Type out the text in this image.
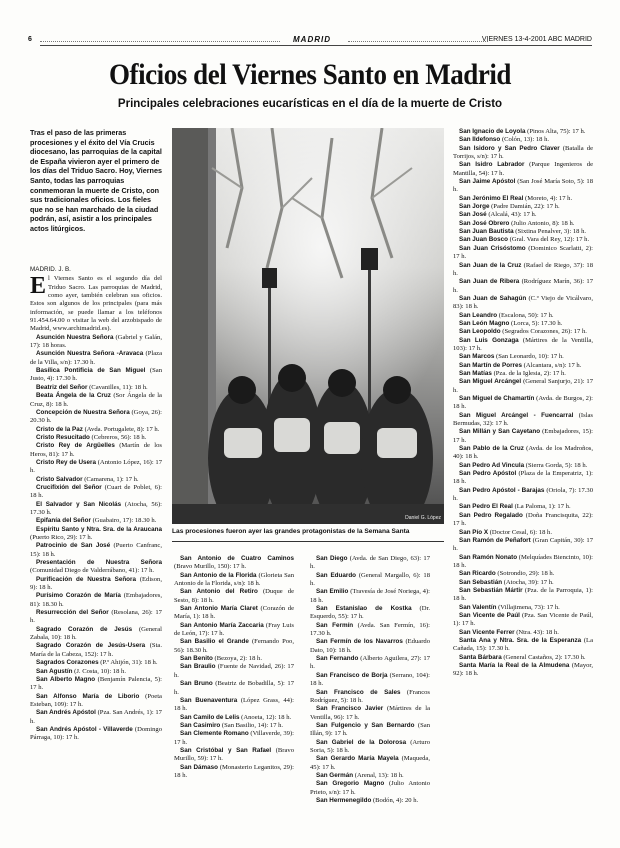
6	MADRID	VIERNES 13-4-2001 ABC MADRID
Oficios del Viernes Santo en Madrid
Principales celebraciones eucarísticas en el día de la muerte de Cristo
Tras el paso de las primeras procesiones y el éxito del Vía Crucis diocesano, las parroquias de la capital de España vivieron ayer el primero de los días del Triduo Sacro. Hoy, Viernes Santo, todas las parroquias conmemoran la muerte de Cristo, con sus tradicionales oficios. Los fieles que no se han marchado de la ciudad podrán, así, asistir a los principales actos litúrgicos.
MADRID. J. B.

El Viernes Santo es el segundo día del Triduo Sacro. Las parroquias de Madrid, como ayer, también celebran sus oficios. Estos son algunos de los principales (para más información, se puede llamar a los teléfonos 91.454.64.00 o visitar la web del arzobispado de Madrid, www.archimadrid.es).

Asunción Nuestra Señora (Gabriel y Galán, 17): 18 horas.

Asunción Nuestra Señora -Aravaca (Plaza de la Villa, s/n): 17.30 h.

Basílica Pontificia de San Miguel (San Justo, 4): 17.30 h.

Beatriz del Señor (Cavanilles, 11): 18 h.

Beata Ángela de la Cruz (Sor Ángela de la Cruz, 8): 18 h.

Concepción de Nuestra Señora (Goya, 26): 20.30 h.

Cristo de la Paz (Avda. Portugalete, 8): 17 h.

Cristo Resucitado (Cebreros, 56): 18 h.

Cristo Rey de Argüelles (Martín de los Heros, 81): 17 h.

Cristo Rey de Usera (Antonio López, 16): 17 h.

Cristo Salvador (Camarena, 1): 17 h.

Crucifixión del Señor (Cuart de Poblet, 6): 18 h.

El Salvador y San Nicolás (Atocha, 56): 17.30 h.

Epifanía del Señor (Guabairo, 17): 18.30 h.

Espíritu Santo y Ntra. Sra. de la Araucana (Puerto Rico, 29): 17 h.

Patrocinio de San José (Puerto Canfranc, 15): 18 h.

Presentación de Nuestra Señora (Comunidad Diego de Valderrábano, 41): 17 h.

Purificación de Nuestra Señora (Edison, 9): 18 h.

Purísimo Corazón de María (Embajadores, 81): 18.30 h.

Resurrección del Señor (Resolana, 26): 17 h.

Sagrado Corazón de Jesús (General Zabala, 10): 18 h.

Sagrado Corazón de Jesús-Usera (Sta. María de la Cabeza, 152): 17 h.

Sagrados Corazones (P.º Ahijón, 31): 18 h.

San Agustín (J. Costa, 10): 18 h.

San Alberto Magno (Benjamín Palencia, 5): 17 h.

San Alfonso María de Liborio (Poeta Esteban, 109): 17 h.

San Andrés Apóstol (Pza. San Andrés, 1): 17 h.

San Andrés Apóstol - Villaverde (Domingo Párraga, 10): 17 h.

Daniel G. López
Las procesiones fueron ayer las grandes protagonistas de la Semana Santa

San Antonio de Cuatro Caminos (Bravo Murillo, 150): 17 h.

San Antonio de la Florida (Glorieta San Antonio de la Florida, s/n): 18 h.

San Antonio del Retiro (Duque de Sesto, 8): 18 h.

San Antonio María Claret (Corazón de María, 1): 18 h.

San Antonio María Zaccaria (Fray Luis de León, 17): 17 h.

San Basilio el Grande (Fernando Poo, 56): 18.30 h.

San Benito (Bezoya, 2): 18 h.

San Braulio (Fuente de Navidad, 26): 17 h.

San Bruno (Beatriz de Bobadilla, 5): 17 h.

San Buenaventura (López Grass, 44): 18 h.

San Camilo de Lelis (Anoeta, 12): 18 h.

San Casimiro (San Basilio, 14): 17 h.

San Clemente Romano (Villaverde, 39): 17 h.

San Cristóbal y San Rafael (Bravo Murillo, 59): 17 h.

San Dámaso (Monasterio Leganitos, 29): 18 h.

San Diego (Avda. de San Diego, 63): 17 h.

San Eduardo (General Margallo, 6): 18 h.

San Emilio (Travesía de José Noriega, 4): 18 h.

San Estanislao de Kostka (Dr. Esquerdo, 55): 17 h.

San Fermín (Avda. San Fermín, 16): 17.30 h.

San Fermín de los Navarros (Eduardo Dato, 10): 18 h.

San Fernando (Alberto Aguilera, 27): 17 h.

San Francisco de Borja (Serrano, 104): 18 h.

San Francisco de Sales (Francos Rodríguez, 5): 18 h.

San Francisco Javier (Mártires de la Ventilla, 96): 17 h.

San Fulgencio y San Bernardo (San Illán, 9): 17 h.

San Gabriel de la Dolorosa (Arturo Soria, 5): 18 h.

San Gerardo María Mayela (Maqueda, 45): 17 h.

San Germán (Arenal, 13): 18 h.

San Gregorio Magno (Julio Antonio Prieto, s/n): 17 h.

San Hermenegildo (Bodón, 4): 20 h.

San Ignacio de Loyola (Pinos Alta, 75): 17 h.

San Ildefonso (Colón, 13): 18 h.

San Isidoro y San Pedro Claver (Batalla de Torrijos, s/n): 17 h.

San Isidro Labrador (Parque Ingenieros de Mantilla, 54): 17 h.

San Jaime Apóstol (San José María Soto, 5): 18 h.

San Jerónimo El Real (Moreto, 4): 17 h.

San Jorge (Padre Damián, 22): 17 h.

San José (Alcalá, 43): 17 h.

San José Obrero (Julio Antonio, 8): 18 h.

San Juan Bautista (Sixtina Penalver, 3): 18 h.

San Juan Bosco (Gral. Vara del Rey, 12): 17 h.

San Juan Crisóstomo (Dominico Scarlatti, 2): 17 h.

San Juan de la Cruz (Rafael de Riego, 37): 18 h.

San Juan de Ribera (Rodríguez Marín, 36): 17 h.

San Juan de Sahagún (C.º Viejo de Vicálvaro, 83): 18 h.

San Leandro (Escalona, 50): 17 h.

San León Magno (Lorca, 5): 17.30 h.

San Leopoldo (Segrados Corazones, 26): 17 h.

San Luis Gonzaga (Mártires de la Ventilla, 103): 17 h.

San Marcos (San Leonardo, 10): 17 h.

San Martín de Porres (Alcantara, s/n): 17 h.

San Matías (Pza. de la Iglesia, 2): 17 h.

San Miguel Arcángel (General Sanjurjo, 21): 17 h.

San Miguel de Chamartín (Avda. de Burgos, 2): 18 h.

San Miguel Arcángel - Fuencarral (Islas Bermudas, 32): 17 h.

San Millán y San Cayetano (Embajadores, 15): 17 h.

San Pablo de la Cruz (Avda. de los Madroños, 40): 18 h.

San Pedro Ad Vincula (Sierra Gorda, 5): 18 h.

San Pedro Apóstol (Plaza de la Emperatriz, 1): 18 h.

San Pedro Apóstol - Barajas (Oriola, 7): 17.30 h.

San Pedro El Real (La Paloma, 1): 17 h.

San Pedro Regalado (Doña Francisquita, 22): 17 h.

San Pío X (Doctor Cesal, 6): 18 h.

San Ramón de Peñafort (Gran Capitán, 30): 17 h.

San Ramón Nonato (Melquíades Biencinto, 10): 18 h.

San Ricardo (Sotrondio, 29): 18 h.

San Sebastián (Atocha, 39): 17 h.

San Sebastián Mártir (Pza. de la Parroquia, 1): 18 h.

San Valentín (Villajimena, 73): 17 h.

San Vicente de Paúl (Pza. San Vicente de Paúl, 1): 17 h.

San Vicente Ferrer (Ntra. 43): 18 h.

Santa Ana y Ntra. Sra. de la Esperanza (La Cañada, 15): 17.30 h.

Santa Bárbara (General Castaños, 2): 17.30 h.

Santa María la Real de la Almudena (Mayor, 92): 18 h.
